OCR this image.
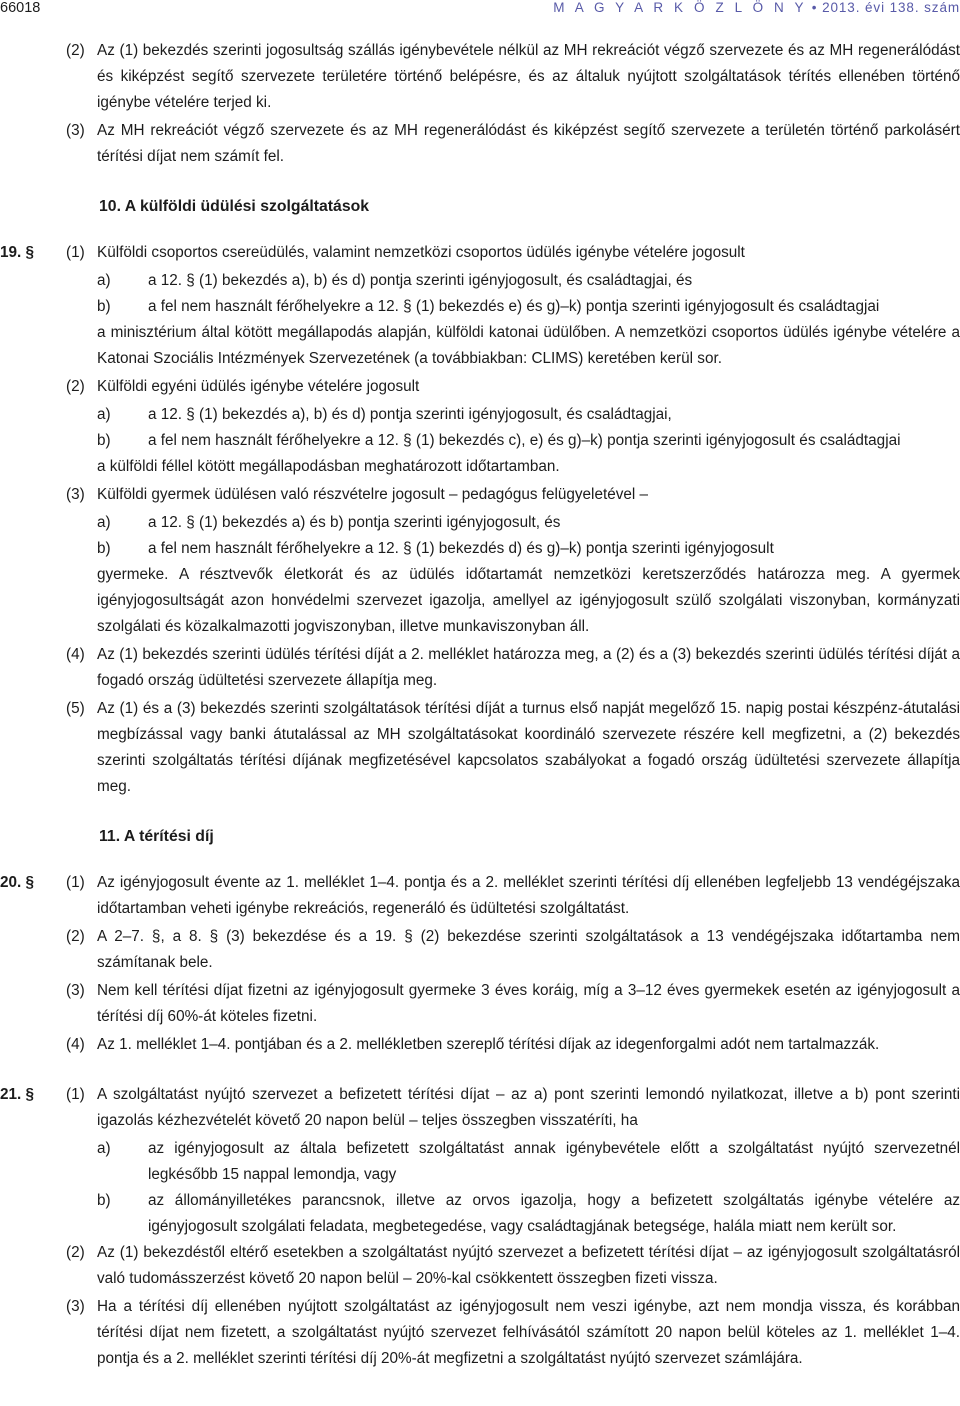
66018	M A G Y A R K Ö Z L Ö N Y • 2013. évi 138. szám
(2) Az (1) bekezdés szerinti jogosultság szállás igénybevétele nélkül az MH rekreációt végző szervezete és az MH regenerálódást és kiképzést segítő szervezete területére történő belépésre, és az általuk nyújtott szolgáltatások térítés ellenében történő igénybe vételére terjed ki.
(3) Az MH rekreációt végző szervezete és az MH regenerálódást és kiképzést segítő szervezete a területén történő parkolásért térítési díjat nem számít fel.
10. A külföldi üdülési szolgáltatások
19. § (1) Külföldi csoportos csereüdülés, valamint nemzetközi csoportos üdülés igénybe vételére jogosult
a) a 12. § (1) bekezdés a), b) és d) pontja szerinti igényjogosult, és családtagjai, és
b) a fel nem használt férőhelyekre a 12. § (1) bekezdés e) és g)–k) pontja szerinti igényjogosult és családtagjai
a minisztérium által kötött megállapodás alapján, külföldi katonai üdülőben. A nemzetközi csoportos üdülés igénybe vételére a Katonai Szociális Intézmények Szervezetének (a továbbiakban: CLIMS) keretében kerül sor.
(2) Külföldi egyéni üdülés igénybe vételére jogosult
a) a 12. § (1) bekezdés a), b) és d) pontja szerinti igényjogosult, és családtagjai,
b) a fel nem használt férőhelyekre a 12. § (1) bekezdés c), e) és g)–k) pontja szerinti igényjogosult és családtagjai
a külföldi féllel kötött megállapodásban meghatározott időtartamban.
(3) Külföldi gyermek üdülésen való részvételre jogosult – pedagógus felügyeletével –
a) a 12. § (1) bekezdés a) és b) pontja szerinti igényjogosult, és
b) a fel nem használt férőhelyekre a 12. § (1) bekezdés d) és g)–k) pontja szerinti igényjogosult
gyermeke. A résztvevők életkorát és az üdülés időtartamát nemzetközi keretszerződés határozza meg. A gyermek igényjogosultságát azon honvédelmi szervezet igazolja, amellyel az igényjogosult szülő szolgálati viszonyban, kormányzati szolgálati és közalkalmazotti jogviszonyban, illetve munkaviszonyban áll.
(4) Az (1) bekezdés szerinti üdülés térítési díját a 2. melléklet határozza meg, a (2) és a (3) bekezdés szerinti üdülés térítési díját a fogadó ország üdültetési szervezete állapítja meg.
(5) Az (1) és a (3) bekezdés szerinti szolgáltatások térítési díját a turnus első napját megelőző 15. napig postai készpénz-átutalási megbízással vagy banki átutalással az MH szolgáltatásokat koordináló szervezete részére kell megfizetni, a (2) bekezdés szerinti szolgáltatás térítési díjának megfizetésével kapcsolatos szabályokat a fogadó ország üdültetési szervezete állapítja meg.
11. A térítési díj
20. § (1) Az igényjogosult évente az 1. melléklet 1–4. pontja és a 2. melléklet szerinti térítési díj ellenében legfeljebb 13 vendégéjszaka időtartamban veheti igénybe rekreációs, regeneráló és üdültetési szolgáltatást.
(2) A 2–7. §, a 8. § (3) bekezdése és a 19. § (2) bekezdése szerinti szolgáltatások a 13 vendégéjszaka időtartamba nem számítanak bele.
(3) Nem kell térítési díjat fizetni az igényjogosult gyermeke 3 éves koráig, míg a 3–12 éves gyermekek esetén az igényjogosult a térítési díj 60%-át köteles fizetni.
(4) Az 1. melléklet 1–4. pontjában és a 2. mellékletben szereplő térítési díjak az idegenforgalmi adót nem tartalmazzák.
21. § (1) A szolgáltatást nyújtó szervezet a befizetett térítési díjat – az a) pont szerinti lemondó nyilatkozat, illetve a b) pont szerinti igazolás kézhezvételét követő 20 napon belül – teljes összegben visszatéríti, ha
a) az igényjogosult az általa befizetett szolgáltatást annak igénybevétele előtt a szolgáltatást nyújtó szervezetnél legkésőbb 15 nappal lemondja, vagy
b) az állományilletékes parancsnok, illetve az orvos igazolja, hogy a befizetett szolgáltatás igénybe vételére az igényjogosult szolgálati feladata, megbetegedése, vagy családtagjának betegsége, halála miatt nem került sor.
(2) Az (1) bekezdéstől eltérő esetekben a szolgáltatást nyújtó szervezet a befizetett térítési díjat – az igényjogosult szolgáltatásról való tudomásszerzést követő 20 napon belül – 20%-kal csökkentett összegben fizeti vissza.
(3) Ha a térítési díj ellenében nyújtott szolgáltatást az igényjogosult nem veszi igénybe, azt nem mondja vissza, és korábban térítési díjat nem fizetett, a szolgáltatást nyújtó szervezet felhívásától számított 20 napon belül köteles az 1. melléklet 1–4. pontja és a 2. melléklet szerinti térítési díj 20%-át megfizetni a szolgáltatást nyújtó szervezet számlájára.
